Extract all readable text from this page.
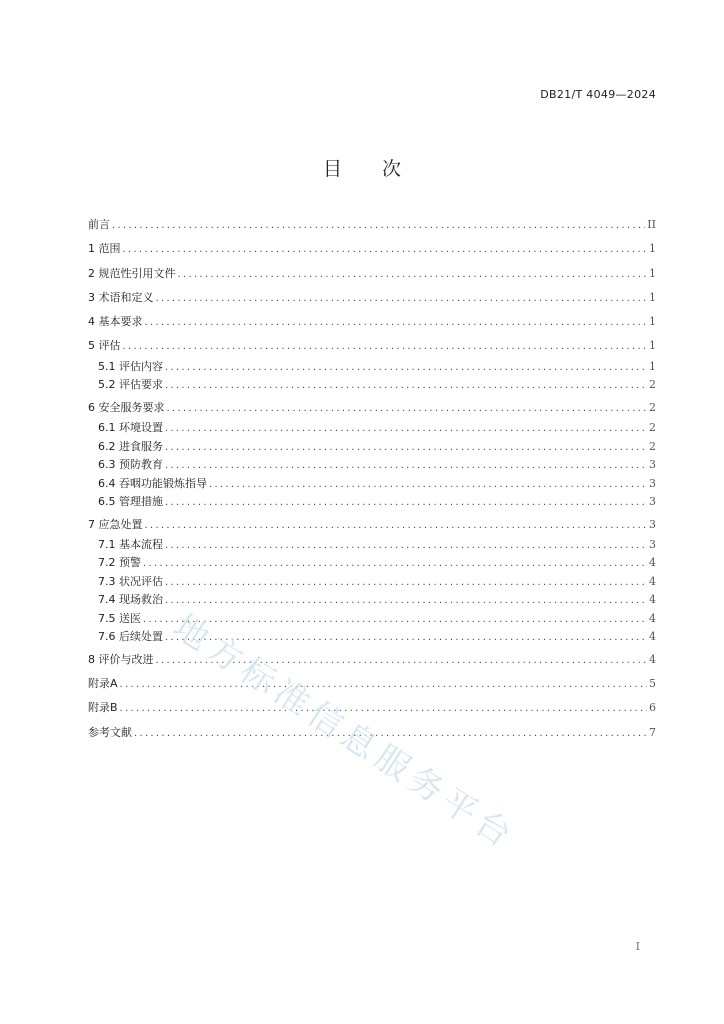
DB21/T 4049—2024
目 次
前言 .....	II
1 范围 .....	1
2 规范性引用文件 .....	1
3 术语和定义 .....	1
4 基本要求 .....	1
5 评估 .....	1
5.1 评估内容 .....	1
5.2 评估要求 .....	2
6 安全服务要求 .....	2
6.1 环境设置 .....	2
6.2 进食服务 .....	2
6.3 预防教育 .....	3
6.4 吞咽功能锻炼指导 .....	3
6.5 管理措施 .....	3
7 应急处置 .....	3
7.1 基本流程 .....	3
7.2 预警 .....	4
7.3 状况评估 .....	4
7.4 现场救治 .....	4
7.5 送医 .....	4
7.6 后续处置 .....	4
8 评价与改进 .....	4
附录A .....	5
附录B .....	6
参考文献 .....	7
I
地方标准信息服务平台
